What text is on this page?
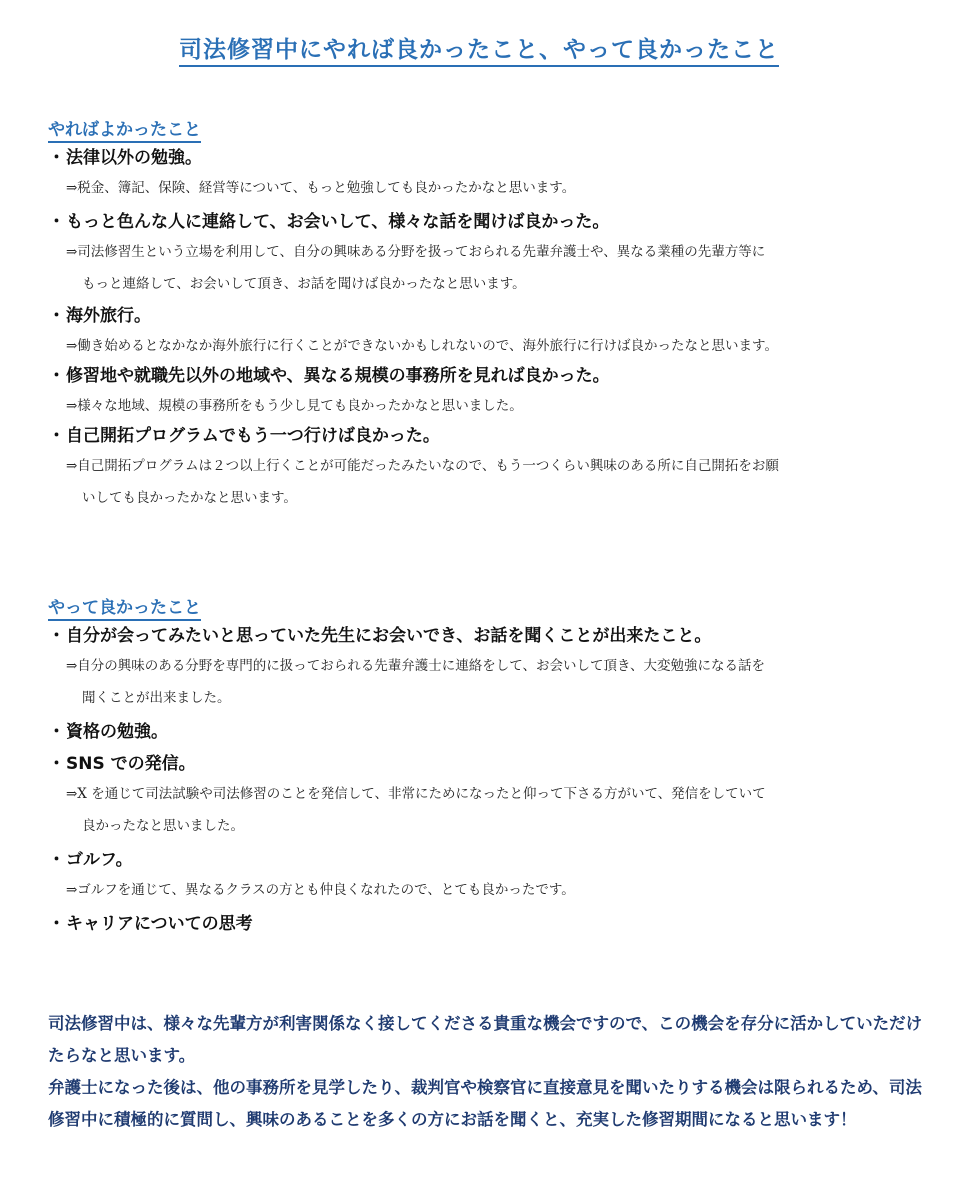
司法修習中にやれば良かったこと、やって良かったこと
やればよかったこと
・法律以外の勉強。
⇒税金、簿記、保険、経営等について、もっと勉強しても良かったかなと思います。
・もっと色んな人に連絡して、お会いして、様々な話を聞けば良かった。
⇒司法修習生という立場を利用して、自分の興味ある分野を扱っておられる先輩弁護士や、異なる業種の先輩方等に
もっと連絡して、お会いして頂き、お話を聞けば良かったなと思います。
・海外旅行。
⇒働き始めるとなかなか海外旅行に行くことができないかもしれないので、海外旅行に行けば良かったなと思います。
・修習地や就職先以外の地域や、異なる規模の事務所を見れば良かった。
⇒様々な地域、規模の事務所をもう少し見ても良かったかなと思いました。
・自己開拓プログラムでもう一つ行けば良かった。
⇒自己開拓プログラムは２つ以上行くことが可能だったみたいなので、もう一つくらい興味のある所に自己開拓をお願
いしても良かったかなと思います。
やって良かったこと
・自分が会ってみたいと思っていた先生にお会いでき、お話を聞くことが出来たこと。
⇒自分の興味のある分野を専門的に扱っておられる先輩弁護士に連絡をして、お会いして頂き、大変勉強になる話を
聞くことが出来ました。
・資格の勉強。
・SNS での発信。
⇒X を通じて司法試験や司法修習のことを発信して、非常にためになったと仰って下さる方がいて、発信をしていて
良かったなと思いました。
・ゴルフ。
⇒ゴルフを通じて、異なるクラスの方とも仲良くなれたので、とても良かったです。
・キャリアについての思考

司法修習中は、様々な先輩方が利害関係なく接してくださる貴重な機会ですので、この機会を存分に活かしていただけたらなと思います。

弁護士になった後は、他の事務所を見学したり、裁判官や検察官に直接意見を聞いたりする機会は限られるため、司法修習中に積極的に質問し、興味のあることを多くの方にお話を聞くと、充実した修習期間になると思います！
